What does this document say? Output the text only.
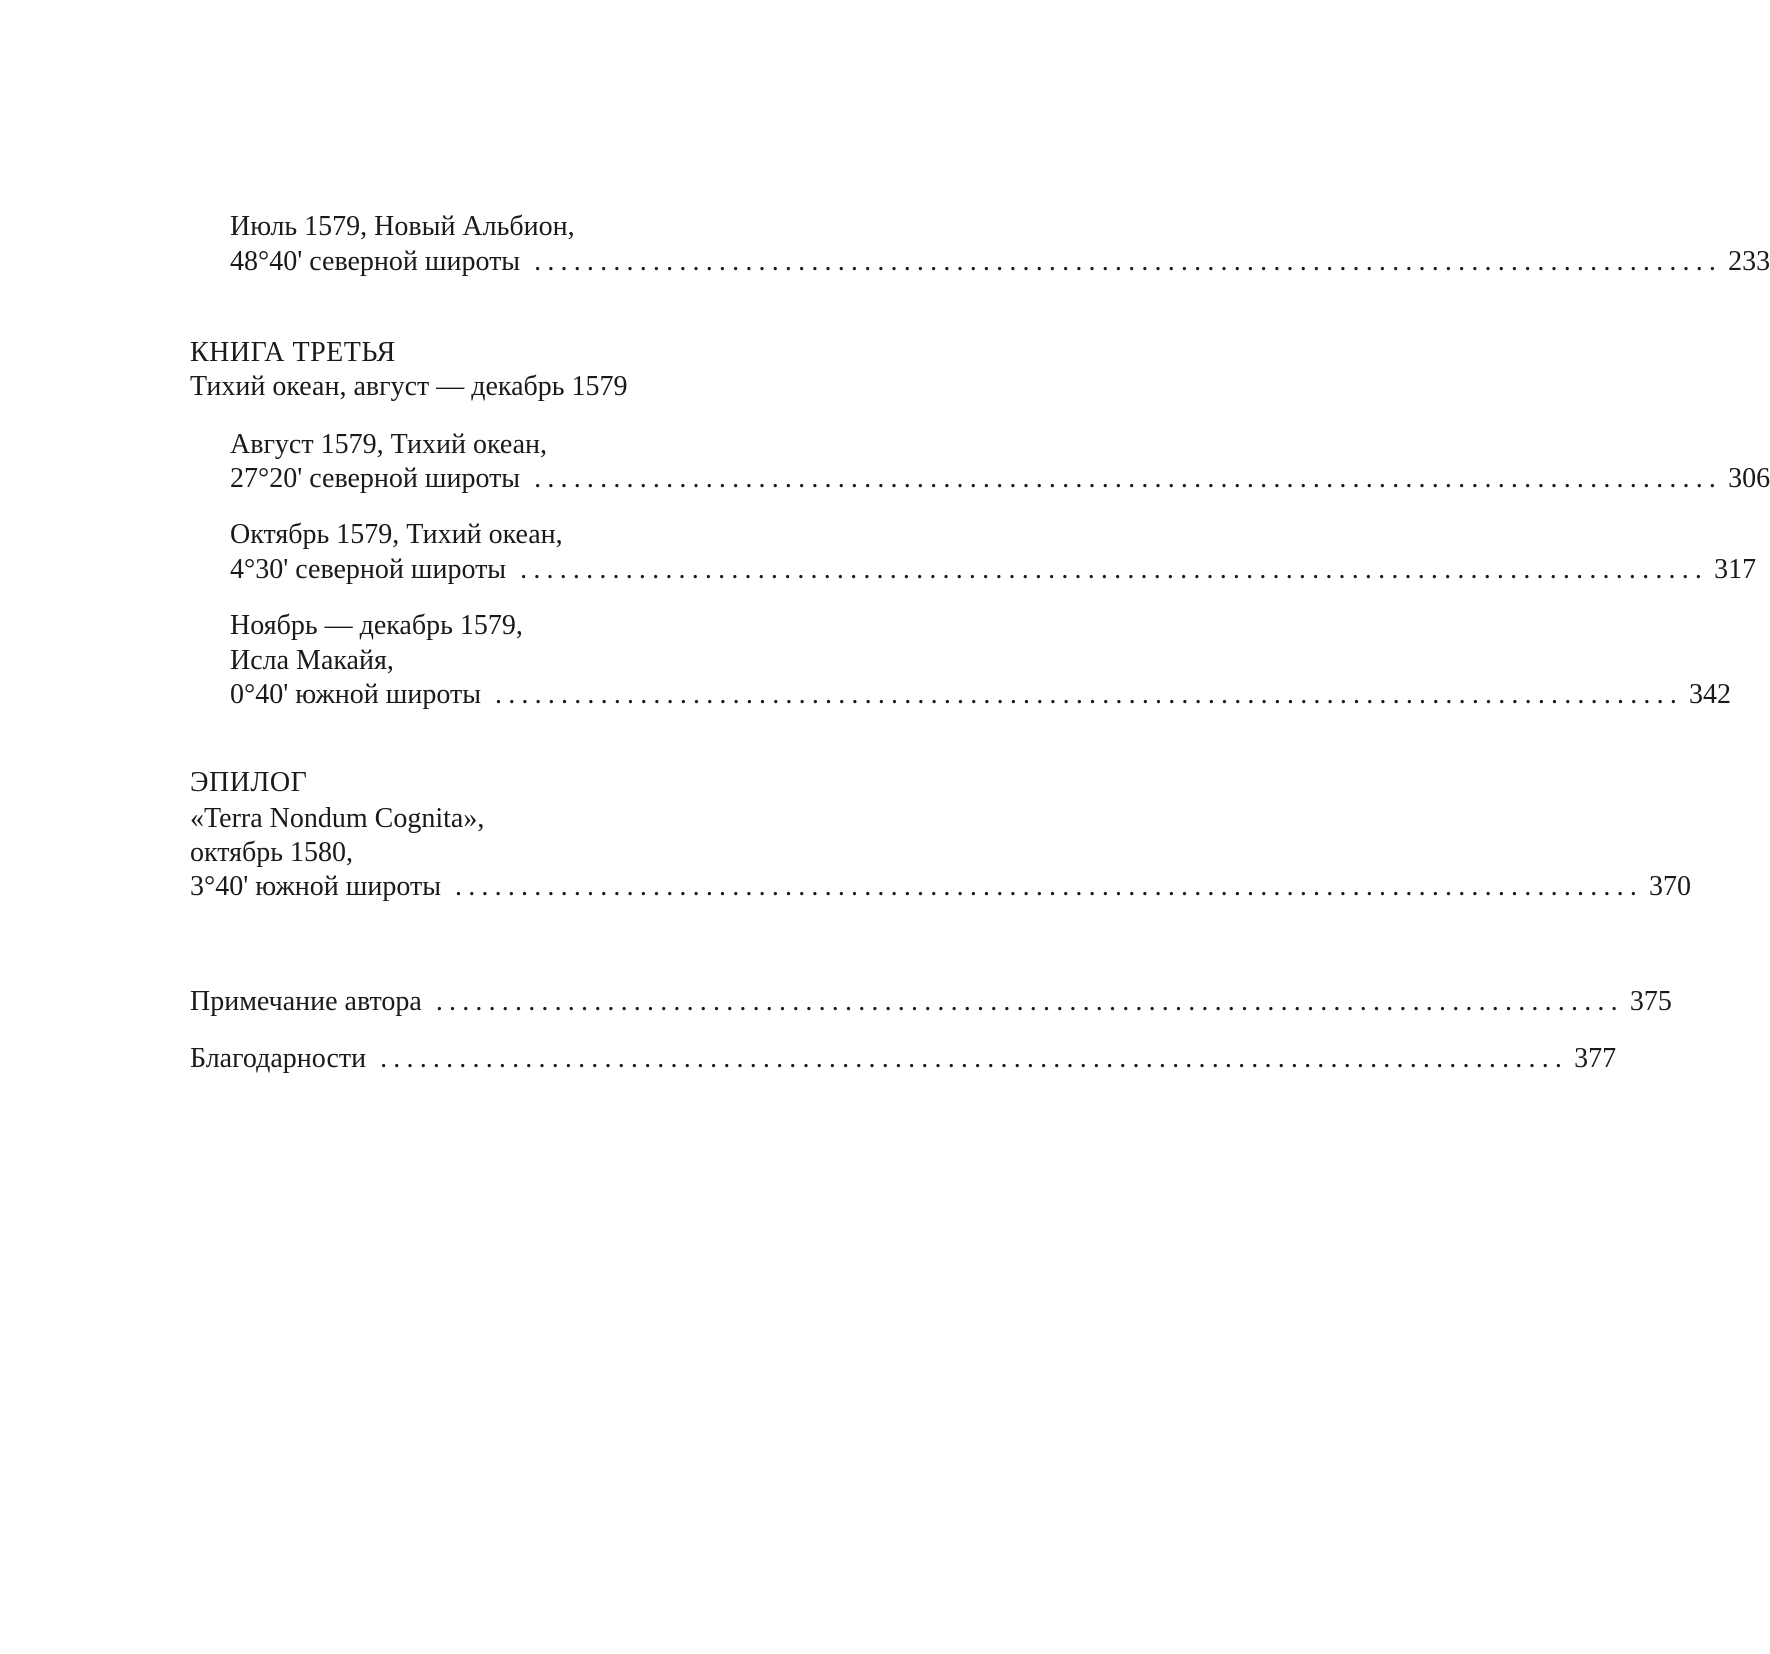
Июль 1579, Новый Альбион,
48°40' северной широты .......................................................................................... 233
КНИГА ТРЕТЬЯ
Тихий океан, август — декабрь 1579
Август 1579, Тихий океан,
27°20' северной широты .......................................................................................... 306
Октябрь 1579, Тихий океан,
4°30' северной широты .......................................................................................... 317
Ноябрь — декабрь 1579,
Исла Макайя,
0°40' южной широты .......................................................................................... 342
ЭПИЛОГ
«Terra Nondum Cognita»,
октябрь 1580,
3°40' южной широты .......................................................................................... 370
Примечание автора .......................................................................................... 375
Благодарности .......................................................................................... 377
